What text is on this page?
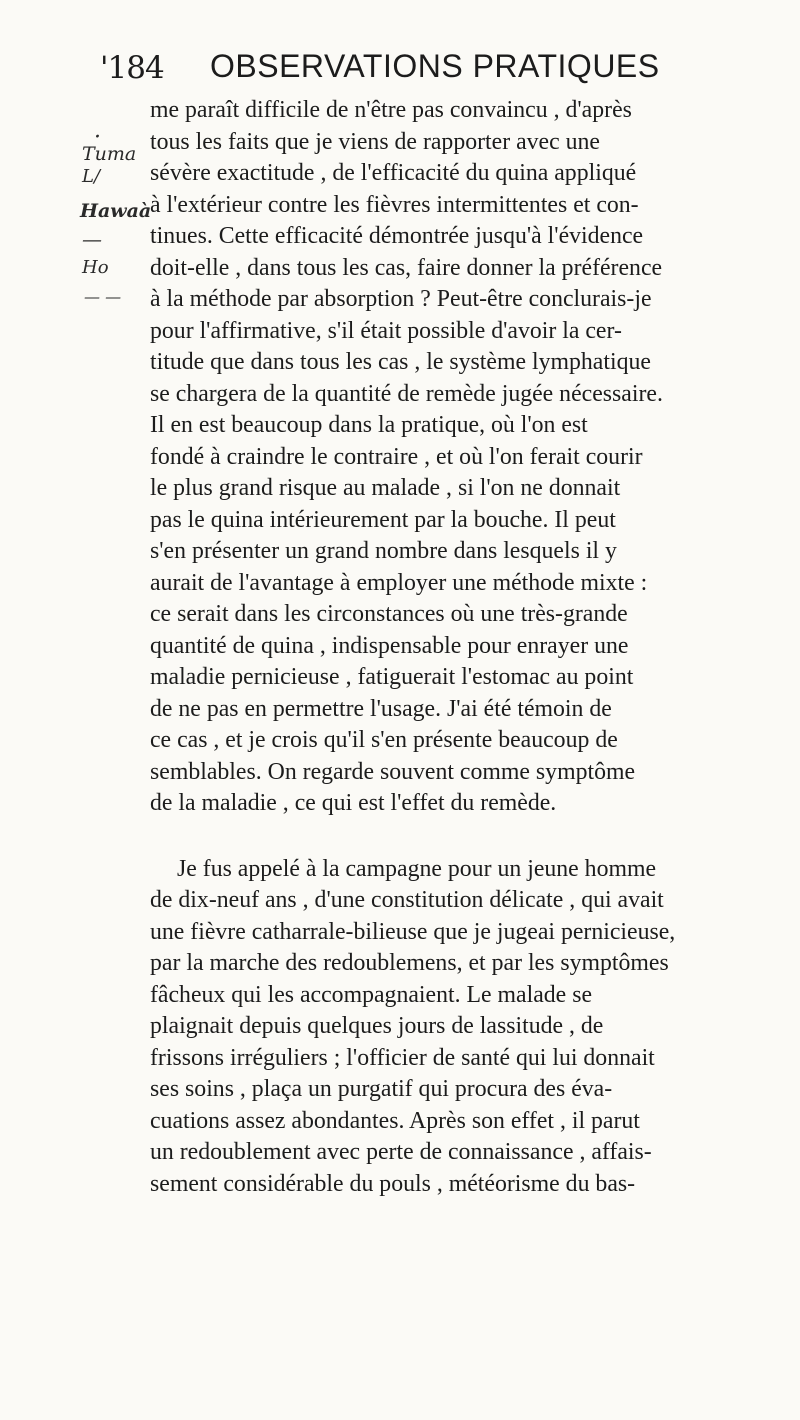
'184 OBSERVATIONS PRATIQUES
·
Tuma
L/
Hawaà
—
Ho
— —

me paraît difficile de n'être pas convaincu , d'après
tous les faits que je viens de rapporter avec une
sévère exactitude , de l'efficacité du quina appliqué
à l'extérieur contre les fièvres intermittentes et con-
tinues. Cette efficacité démontrée jusqu'à l'évidence
doit-elle , dans tous les cas, faire donner la préférence
à la méthode par absorption ? Peut-être conclurais-je
pour l'affirmative, s'il était possible d'avoir la cer-
titude que dans tous les cas , le système lymphatique
se chargera de la quantité de remède jugée nécessaire.
Il en est beaucoup dans la pratique, où l'on est
fondé à craindre le contraire , et où l'on ferait courir
le plus grand risque au malade , si l'on ne donnait
pas le quina intérieurement par la bouche. Il peut
s'en présenter un grand nombre dans lesquels il y
aurait de l'avantage à employer une méthode mixte :
ce serait dans les circonstances où une très-grande
quantité de quina , indispensable pour enrayer une
maladie pernicieuse , fatiguerait l'estomac au point
de ne pas en permettre l'usage. J'ai été témoin de
ce cas , et je crois qu'il s'en présente beaucoup de
semblables. On regarde souvent comme symptôme
de la maladie , ce qui est l'effet du remède.

Je fus appelé à la campagne pour un jeune homme
de dix-neuf ans , d'une constitution délicate , qui avait
une fièvre catharrale-bilieuse que je jugeai pernicieuse,
par la marche des redoublemens, et par les symptômes
fâcheux qui les accompagnaient. Le malade se
plaignait depuis quelques jours de lassitude , de
frissons irréguliers ; l'officier de santé qui lui donnait
ses soins , plaça un purgatif qui procura des éva-
cuations assez abondantes. Après son effet , il parut
un redoublement avec perte de connaissance , affais-
sement considérable du pouls , météorisme du bas-
